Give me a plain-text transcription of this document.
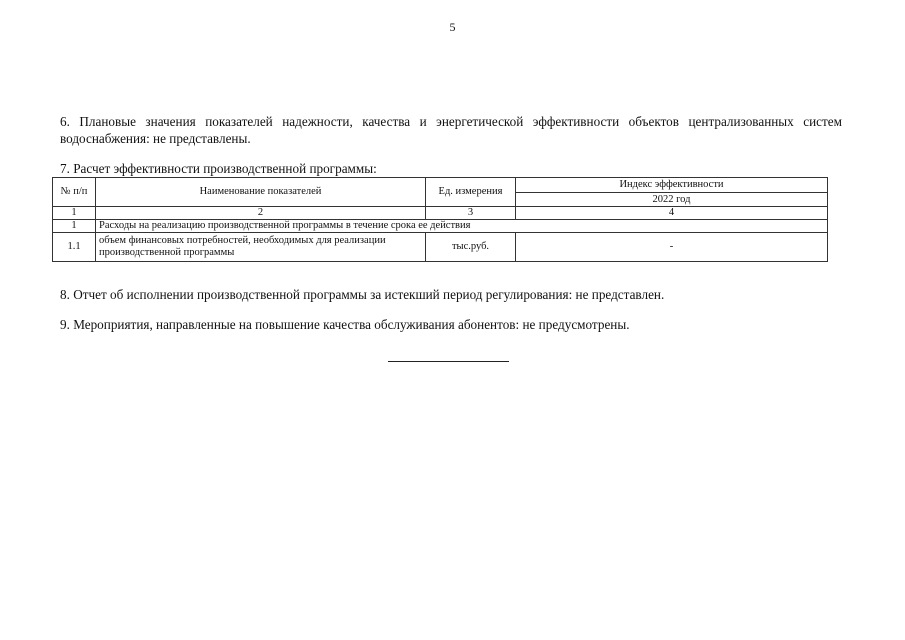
5
6. Плановые значения показателей надежности, качества и энергетической эффективности объектов централизованных систем водоснабжения: не представлены.
7. Расчет эффективности производственной программы:
№ п/п	Наименование показателей	Ед. измерения	Индекс эффективности
			2022 год
1	2	3	4
1	Расходы на реализацию производственной программы в течение срока ее действия		
1.1	объем финансовых потребностей, необходимых для реализации производственной программы	тыс.руб.	-
8. Отчет об исполнении производственной программы за истекший период регулирования: не представлен.
9. Мероприятия, направленные на повышение качества обслуживания абонентов: не предусмотрены.
